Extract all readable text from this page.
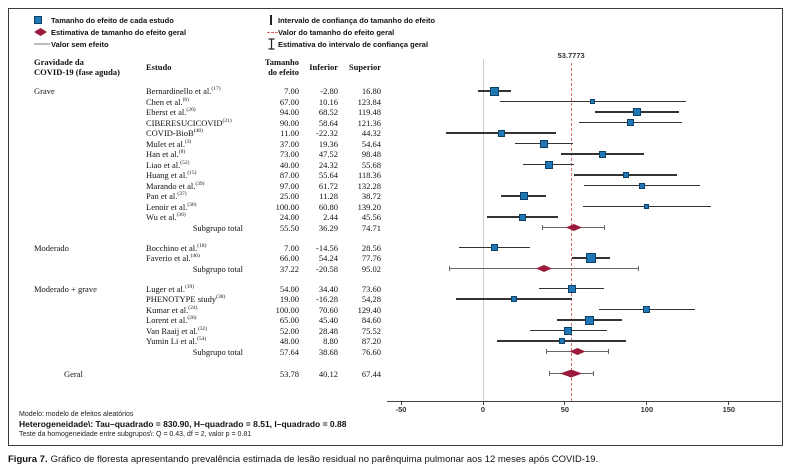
Tamanho do efeito de cada estudo
Estimativa de tamanho do efeito geral
Valor sem efeito
Intervalo de confiança do tamanho do efeito
Valor do tamanho do efeito geral
Estimativa do intervalo de confiança geral
Gravidade da
COVID-19 (fase aguda)	Estudo	Tamanho
do efeito	Inferior	Superior
53.7773
-50	0	50	100	150
Grave	Bernardinello et al.$^{(17)}$	7.00	-2.80	16.80
Chen et al.$^{(6)}$	67.00	10.16	123.84
Eberst et al.$^{(20)}$	94.00	68.52	119.48
CIBERESUCICOVID$^{(21)}$	90.00	58.64	121.36
COVID-BioB$^{(48)}$	11.00	-22.32	44.32
Mulet et al.$^{(3)}$	37.00	19.36	54.64
Han et al.$^{(8)}$	73.00	47.52	98.48
Liao et al.$^{(52)}$	40.00	24.32	55.68
Huang et al.$^{(15)}$	87.00	55.64	118.36
Marando et al.$^{(39)}$	97.00	61.72	132.28
Pan et al.$^{(37)}$	25.00	11.28	38.72
Lenoir et al.$^{(30)}$	100.00	60.80	139.20
Wu et al.$^{(36)}$	24.00	2.44	45.56
Subgrupo total	55.50	36.29	74.71
Moderado	Bocchino et al.$^{(18)}$	7.00	-14.56	28.56
Faverio et al.$^{(46)}$	66.00	54.24	77.76
Subgrupo total	37.22	-20.58	95.02
Moderado + grave	Luger et al.$^{(19)}$	54.00	34.40	73.60
PHENOTYPE study$^{(38)}$	19.00	-16.28	54,28
Kumar et al.$^{(24)}$	100.00	70.60	129.40
Lorent et al.$^{(26)}$	65.00	45.40	84.60
Van Raaij et al.$^{(32)}$	52.00	28.48	75.52
Yumin Li et al.$^{(54)}$	48.00	8.80	87.20
Subgrupo total	57.64	38.68	76.60
Geral	53.78	40.12	67.44
Modelo: modelo de efeitos aleatórios
Heterogeneidade\: Tau–quadrado = 830.90, H–quadrado = 8.51, I–quadrado = 0.88
Teste da homogeneidade entre subgrupos\: Q = 0.43, df = 2, valor p = 0.81
Figura 7. Gráfico de floresta apresentando prevalência estimada de lesão residual no parênquima pulmonar aos 12 meses após COVID-19.
